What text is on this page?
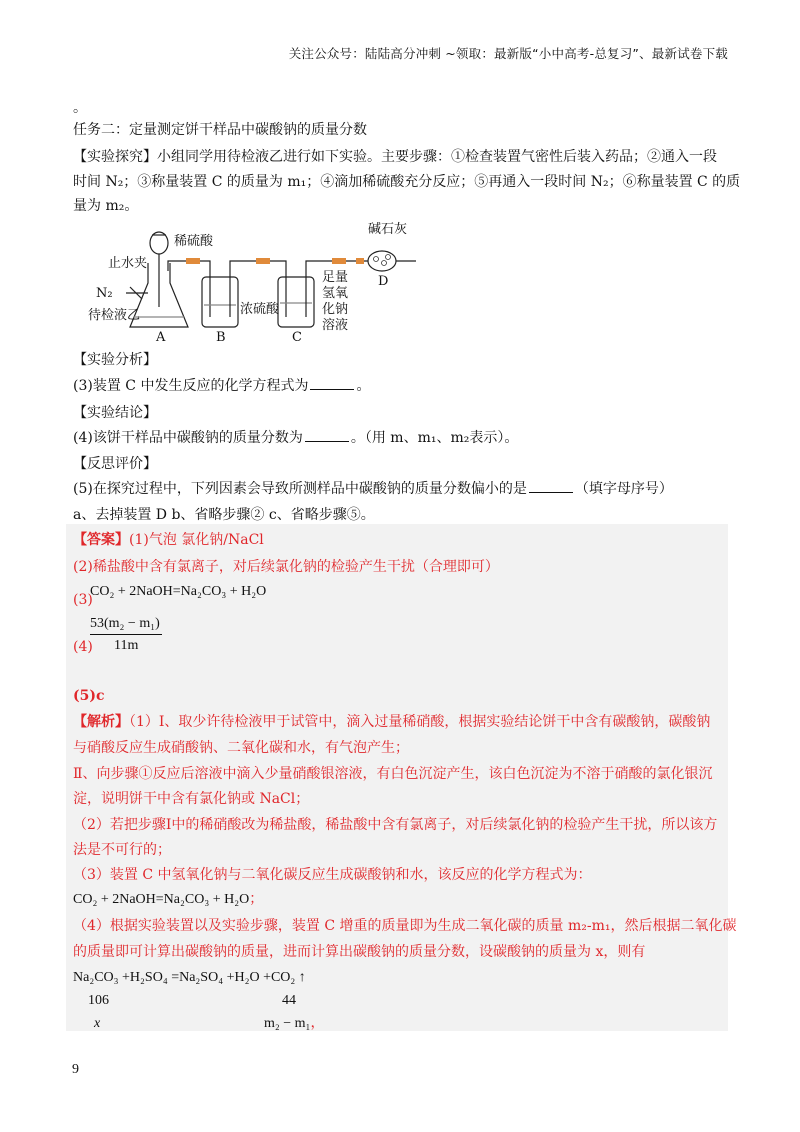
关注公众号：陆陆高分冲刺 ~领取：最新版“小中高考-总复习”、最新试卷下载
。
任务二：定量测定饼干样品中碳酸钠的质量分数
【实验探究】小组同学用待检液乙进行如下实验。主要步骤：①检查装置气密性后装入药品；②通入一段
时间 N₂；③称量装置 C 的质量为 m₁；④滴加稀硫酸充分反应；⑤再通入一段时间 N₂；⑥称量装置 C 的质
量为 m₂。
稀硫酸
碱石灰
止水夹
N₂
待检液乙	浓硫酸
足量
氢氧
化钠
溶液
A	B	C
D
【实验分析】
(3)装置 C 中发生反应的化学方程式为	。
【实验结论】
(4)该饼干样品中碳酸钠的质量分数为	。（用 m、m₁、m₂表示）。
【反思评价】
(5)在探究过程中，下列因素会导致所测样品中碳酸钠的质量分数偏小的是	（填字母序号）
a、去掉装置 D b、省略步骤② c、省略步骤⑤。
【答案】(1)气泡 氯化钠/NaCl
(2)稀盐酸中含有氯离子，对后续氯化钠的检验产生干扰（合理即可）
(3)
CO₂ + 2NaOH=Na₂CO₃ + H₂O
(4)
53(m₂ − m₁)
11m
(5)c
【解析】（1）Ⅰ、取少许待检液甲于试管中，滴入过量稀硝酸，根据实验结论饼干中含有碳酸钠，碳酸钠
与硝酸反应生成硝酸钠、二氧化碳和水，有气泡产生；
Ⅱ、向步骤①反应后溶液中滴入少量硝酸银溶液，有白色沉淀产生，该白色沉淀为不溶于硝酸的氯化银沉
淀，说明饼干中含有氯化钠或 NaCl；
（2）若把步骤Ⅰ中的稀硝酸改为稀盐酸，稀盐酸中含有氯离子，对后续氯化钠的检验产生干扰，所以该方
法是不可行的；
（3）装置 C 中氢氧化钠与二氧化碳反应生成碳酸钠和水，该反应的化学方程式为：
CO₂ + 2NaOH=Na₂CO₃ + H₂O；
（4）根据实验装置以及实验步骤，装置 C 增重的质量即为生成二氧化碳的质量 m₂-m₁，然后根据二氧化碳
的质量即可计算出碳酸钠的质量，进而计算出碳酸钠的质量分数，设碳酸钠的质量为 x，则有
Na₂CO₃ +H₂SO₄ =Na₂SO₄ +H₂O +CO₂ ↑
106	44
x	m₂ − m₁，
9
